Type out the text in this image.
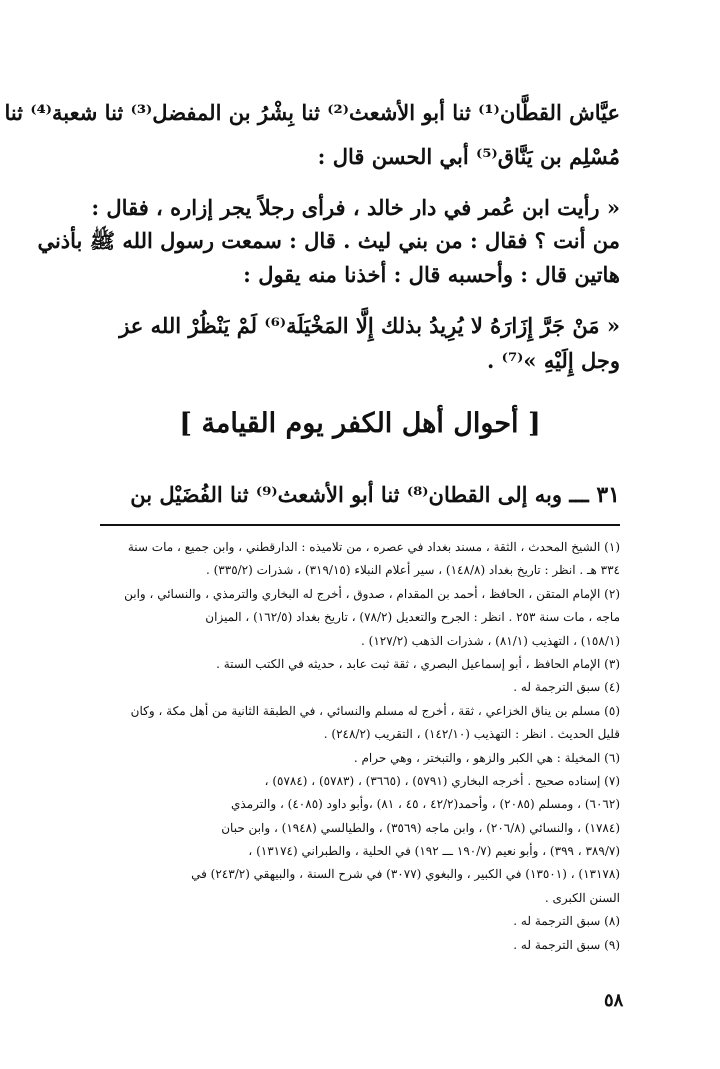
عيَّاش القطَّان⁽¹⁾ ثنا أبو الأشعث⁽²⁾ ثنا بِشْرُ بن المفضل⁽³⁾ ثنا شعبة⁽⁴⁾ ثنا
مُسْلِم بن يَنَّاق⁽⁵⁾ أبي الحسن قال :
« رأيت ابن عُمر في دار خالد ، فرأى رجلاً يجر إزاره ، فقال :
من أنت ؟ فقال : من بني ليث . قال : سمعت رسول الله ﷺ بأذني
هاتين قال : وأحسبه قال : أخذنا منه يقول :
« مَنْ جَرَّ إِزَارَهُ لا يُرِيدُ بذلك إِلَّا المَخْيَلَة⁽⁶⁾ لَمْ يَنْظُرْ الله عز
وجل إِلَيْهِ »⁽⁷⁾ .
[ أحوال أهل الكفر يوم القيامة ]
٣١ ـــ وبه إلى القطان⁽⁸⁾ ثنا أبو الأشعث⁽⁹⁾ ثنا الفُضَيْل بن
(١) الشيخ المحدث ، الثقة ، مسند بغداد في عصره ، من تلاميذه : الدارقطني ، وابن جميع ، مات سنة
٣٣٤ هـ . انظر : تاريخ بغداد (١٤٨/٨) ، سير أعلام النبلاء (٣١٩/١٥) ، شذرات (٣٣٥/٢) .
(٢) الإمام المتقن ، الحافظ ، أحمد بن المقدام ، صدوق ، أخرج له البخاري والترمذي ، والنسائي ، وابن
ماجه ، مات سنة ٢٥٣ . انظر : الجرح والتعديل (٧٨/٢) ، تاريخ بغداد (١٦٢/٥) ، الميزان
(١٥٨/١) ، التهذيب (٨١/١) ، شذرات الذهب (١٢٧/٢) .
(٣) الإمام الحافظ ، أبو إسماعيل البصري ، ثقة ثبت عابد ، حديثه في الكتب الستة .
(٤) سبق الترجمة له .
(٥) مسلم بن يناق الخزاعي ، ثقة ، أخرج له مسلم والنسائي ، في الطبقة الثانية من أهل مكة ، وكان
قليل الحديث . انظر : التهذيب (١٤٢/١٠) ، التقريب (٢٤٨/٢) .
(٦) المخيلة : هي الكبر والزهو ، والتبختر ، وهي حرام .
(٧) إسناده صحيح . أخرجه البخاري (٥٧٩١) ، (٣٦٦٥) ، (٥٧٨٣) ، (٥٧٨٤) ،
(٦٠٦٢) ، ومسلم (٢٠٨٥) ، وأحمد(٤٢/٢ ، ٤٥ ، ٨١) ،وأبو داود (٤٠٨٥) ، والترمذي
(١٧٨٤) ، والنسائي (٢٠٦/٨) ، وابن ماجه (٣٥٦٩) ، والطيالسي (١٩٤٨) ، وابن حبان
(٣٨٩/٧ ، ٣٩٩) ، وأبو نعيم (١٩٠/٧ ـــ ١٩٢) في الحلية ، والطبراني (١٣١٧٤) ،
(١٣١٧٨) ، (١٣٥٠١) في الكبير ، والبغوي (٣٠٧٧) في شرح السنة ، والبيهقي (٢٤٣/٢) في
السنن الكبرى .
(٨) سبق الترجمة له .
(٩) سبق الترجمة له .
٥٨
